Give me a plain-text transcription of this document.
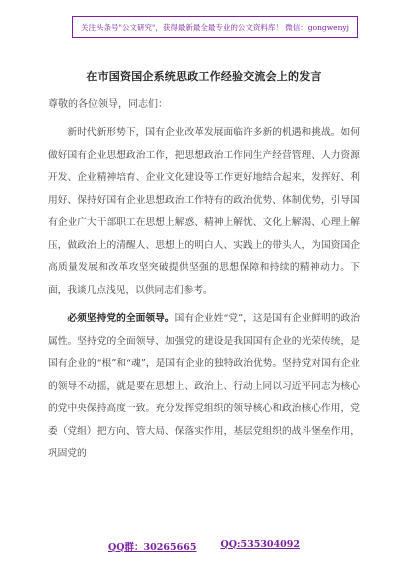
关注头条号"公文研究"，获得最新最全最专业的公文资料库！ 微信：gongwenyj
在市国资国企系统思政工作经验交流会上的发言

尊敬的各位领导，同志们：

新时代新形势下，国有企业改革发展面临许多新的机遇和挑战。如何做好国有企业思想政治工作，把思想政治工作同生产经营管理、人力资源开发、企业精神培育、企业文化建设等工作更好地结合起来，发挥好、利用好、保持好国有企业思想政治工作特有的政治优势、体制优势，引导国有企业广大干部职工在思想上解惑、精神上解忧、文化上解渴、心理上解压，做政治上的清醒人、思想上的明白人、实践上的带头人，为国资国企高质量发展和改革攻坚突破提供坚强的思想保障和持续的精神动力。下面，我谈几点浅见，以供同志们参考。

必须坚持党的全面领导。国有企业姓“党”，这是国有企业鲜明的政治属性。坚持党的全面领导、加强党的建设是我国国有企业的光荣传统，是国有企业的“根”和“魂”，是国有企业的独特政治优势。坚持党对国有企业的领导不动摇，就是要在思想上、政治上、行动上同以习近平同志为核心的党中央保持高度一致。充分发挥党组织的领导核心和政治核心作用，党委（党组）把方向、管大局、保落实作用，基层党组织的战斗堡垒作用，巩固党的

QQ群：30265665	QQ:535304092
